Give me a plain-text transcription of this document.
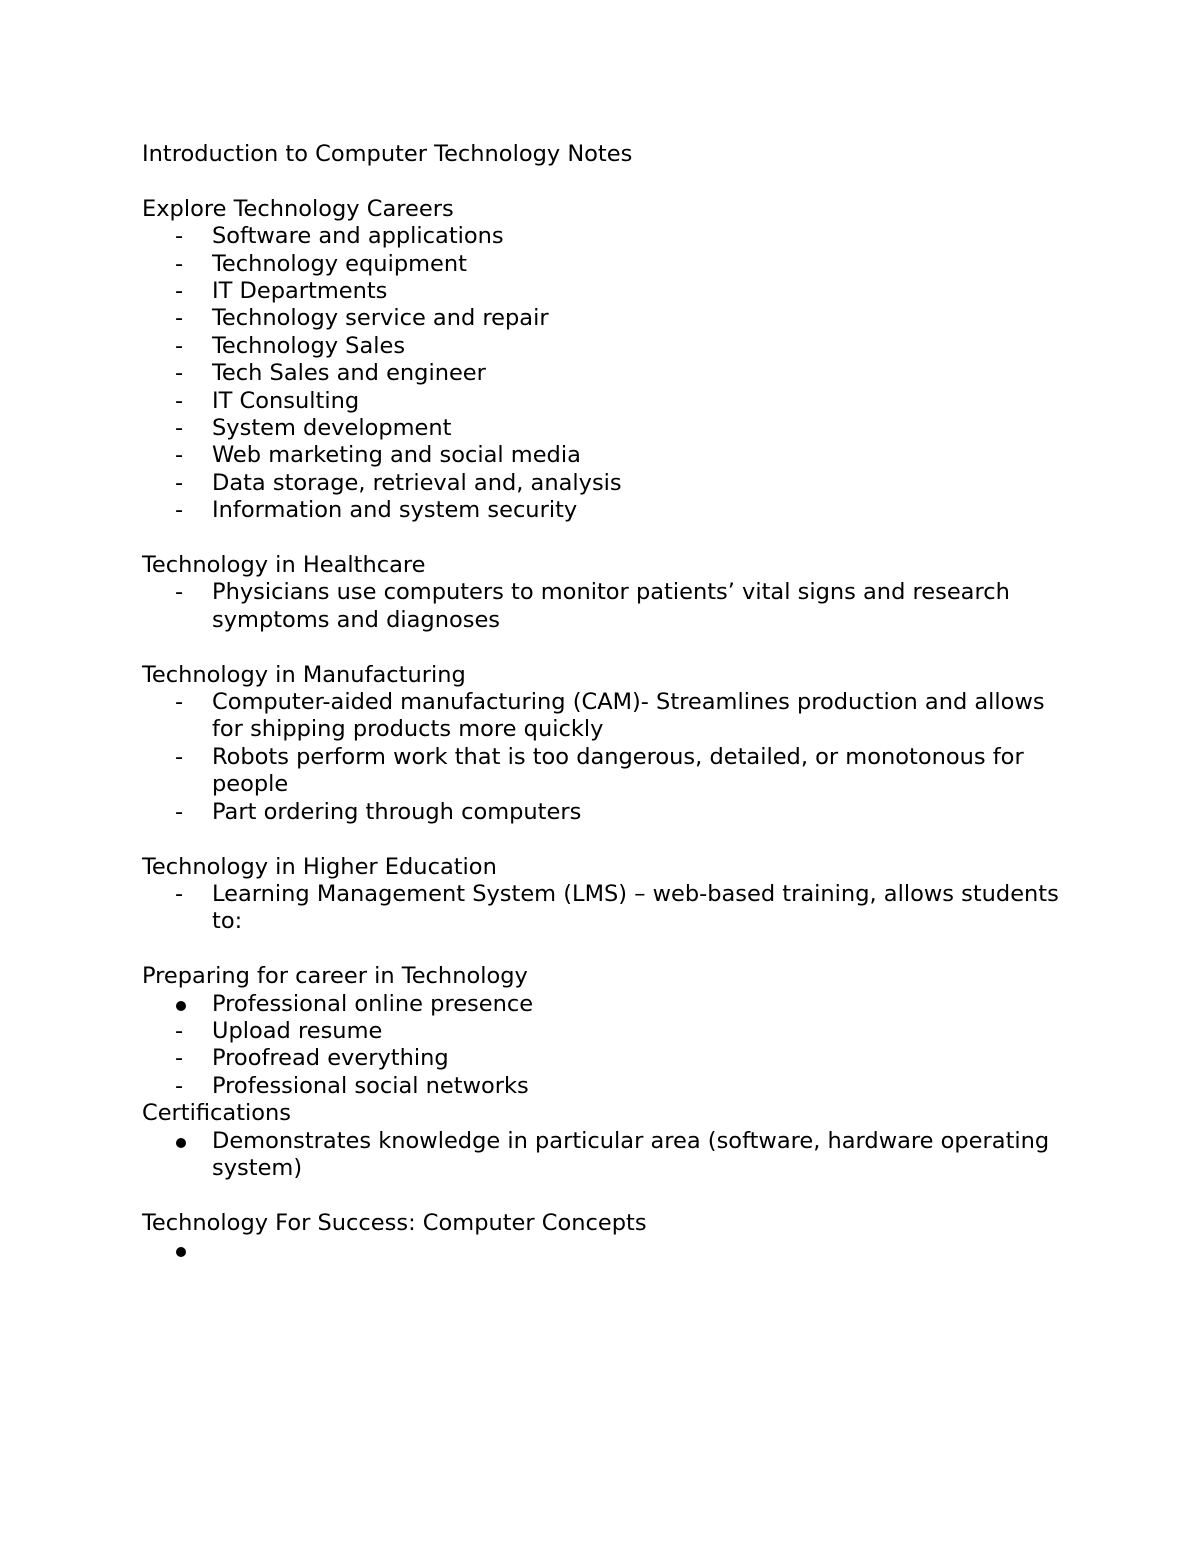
Introduction to Computer Technology Notes

Explore Technology Careers

-	Software and applications
-	Technology equipment
-	IT Departments
-	Technology service and repair
-	Technology Sales
-	Tech Sales and engineer
-	IT Consulting
-	System development
-	Web marketing and social media
-	Data storage, retrieval and, analysis
-	Information and system security

Technology in Healthcare

-	Physicians use computers to monitor patients’ vital signs and research symptoms and diagnoses

Technology in Manufacturing

-	Computer-aided manufacturing (CAM)- Streamlines production and allows for shipping products more quickly
-	Robots perform work that is too dangerous, detailed, or monotonous for people
-	Part ordering through computers

Technology in Higher Education

-	Learning Management System (LMS) – web-based training, allows students to:

Preparing for career in Technology

Professional online presence
-	Upload resume
-	Proofread everything
-	Professional social networks

Certifications

Demonstrates knowledge in particular area (software, hardware operating system)

Technology For Success: Computer Concepts
